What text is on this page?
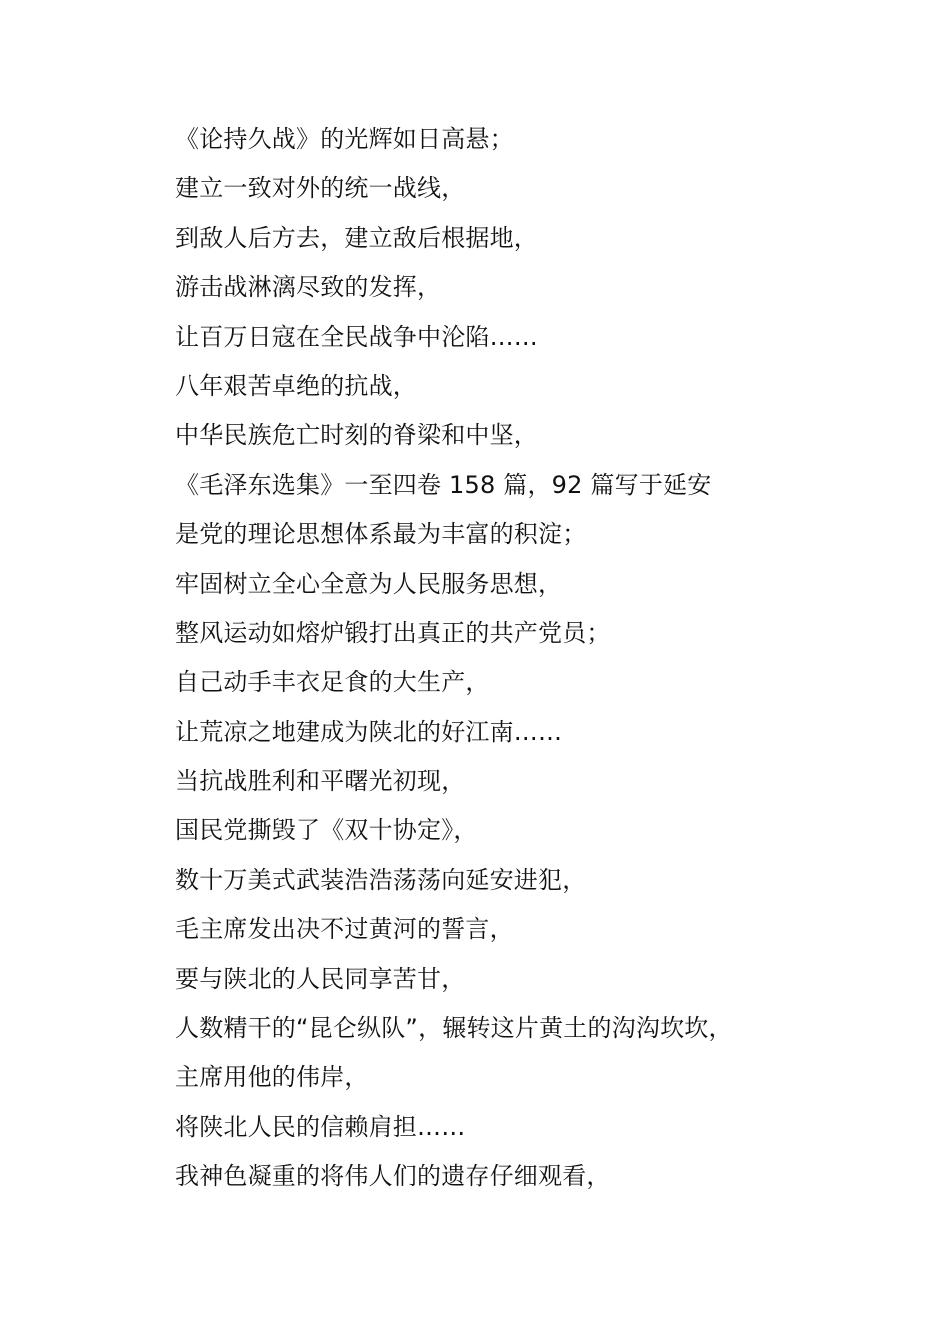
《论持久战》的光辉如日高悬；
建立一致对外的统一战线，
到敌人后方去，建立敌后根据地，
游击战淋漓尽致的发挥，
让百万日寇在全民战争中沦陷……
八年艰苦卓绝的抗战，
中华民族危亡时刻的脊梁和中坚，
《毛泽东选集》一至四卷 158 篇，92 篇写于延安
是党的理论思想体系最为丰富的积淀；
牢固树立全心全意为人民服务思想，
整风运动如熔炉锻打出真正的共产党员；
自己动手丰衣足食的大生产，
让荒凉之地建成为陕北的好江南……
当抗战胜利和平曙光初现，
国民党撕毁了《双十协定》，
数十万美式武装浩浩荡荡向延安进犯，
毛主席发出决不过黄河的誓言，
要与陕北的人民同享苦甘，
人数精干的“昆仑纵队”，辗转这片黄土的沟沟坎坎，
主席用他的伟岸，
将陕北人民的信赖肩担……
我神色凝重的将伟人们的遗存仔细观看，
